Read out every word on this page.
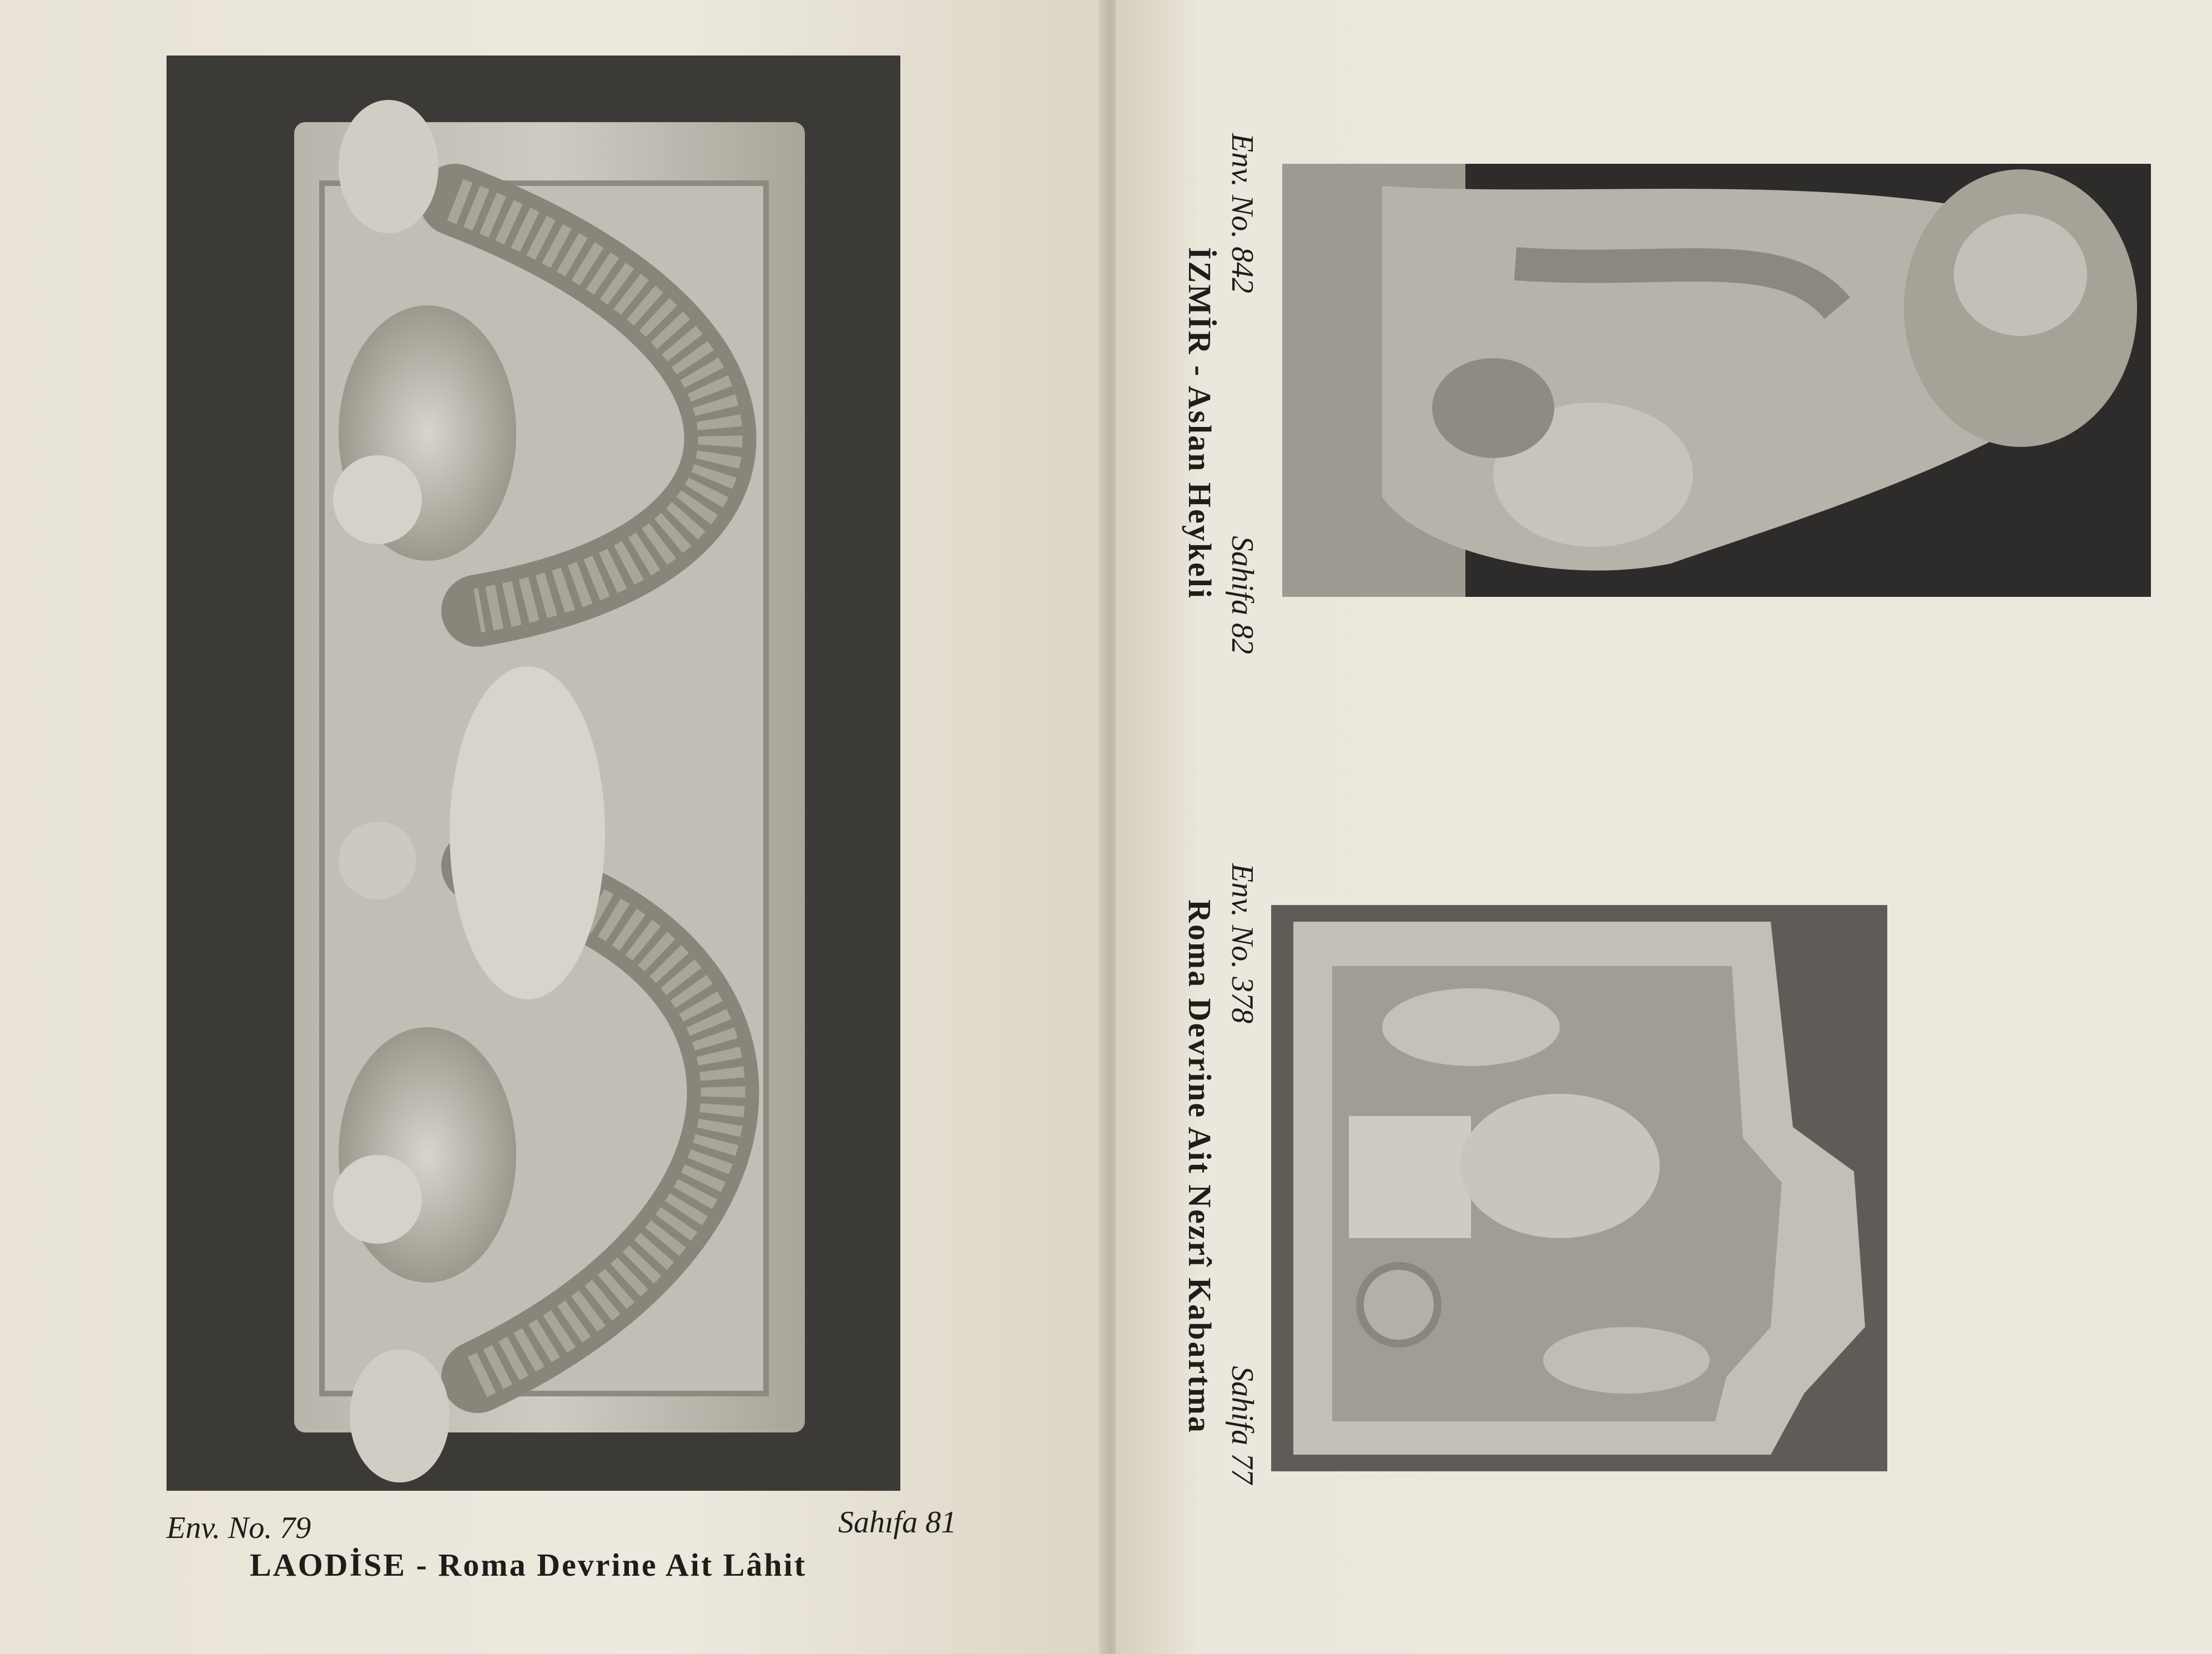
Env. No. 79	Sahıfa 81
LAODİSE - Roma Devrine Ait Lâhit
Env. No. 842
Sahifa 82
İZMİR - Aslan Heykeli
Env. No. 378
Sahifa 77
Roma Devrine Ait Nezrî Kabartma
